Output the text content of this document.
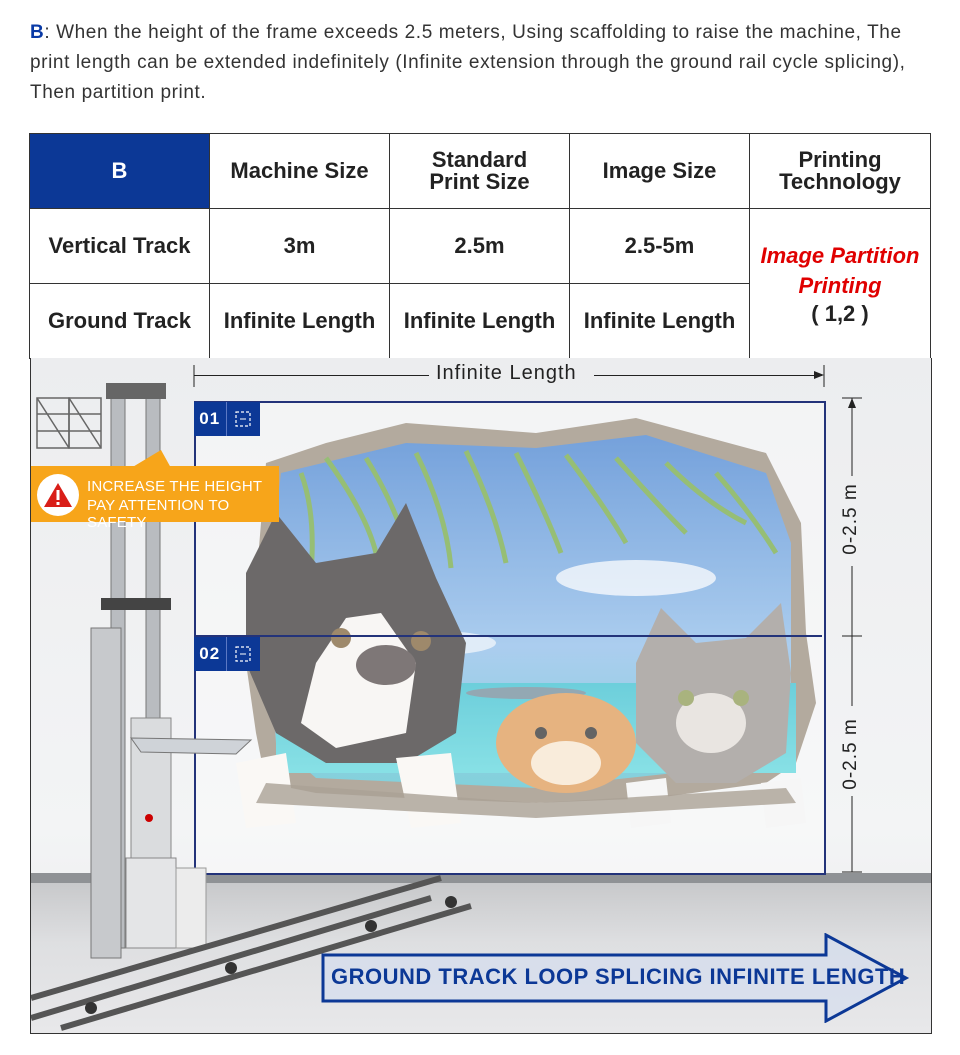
B: When the height of the frame exceeds 2.5 meters, Using scaffolding to raise the machine, The print length can be extended indefinitely (Infinite extension through the ground rail cycle splicing), Then partition print.
B	Machine Size	Standard Print Size	Image Size	Printing Technology
Vertical Track	3m	2.5m	2.5-5m	Image Partition
Printing
( 1,2 )

Ground Track	Infinite Length	Infinite Length	Infinite Length	
Infinite Length
01
02
0-2.5 m
0-2.5 m
INCREASE THE HEIGHT
PAY ATTENTION TO SAFETY
GROUND TRACK LOOP SPLICING INFINITE LENGTH
